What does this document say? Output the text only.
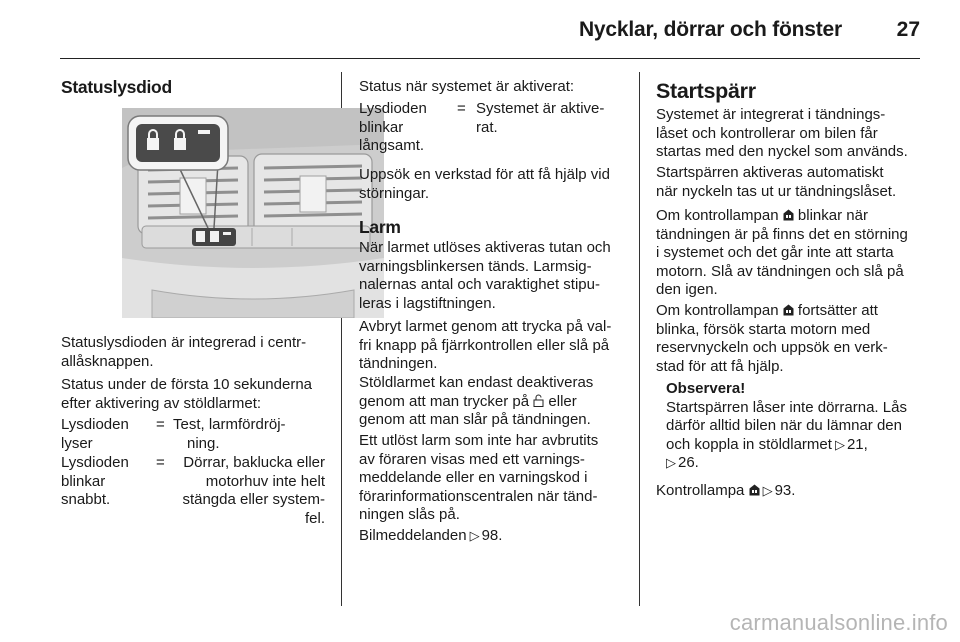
Nycklar, dörrar och fönster	27
Statuslysdiod
Statuslysdioden är integrerad i centr-
allåsknappen.
Status under de första 10 sekunderna
efter aktivering av stöldlarmet:
Lysdioden
lyser
= Test, larmfördröj-
ning.
Lysdioden
blinkar
snabbt.
=	Dörrar, baklucka eller
motorhuv inte helt
stängda eller system-
fel.
Status när systemet är aktiverat:
Lysdioden
blinkar
långsamt.
= Systemet är aktive-
rat.
Uppsök en verkstad för att få hjälp vid
störningar.
Larm
När larmet utlöses aktiveras tutan och
varningsblinkersen tänds. Larmsig-
nalernas antal och varaktighet stipu-
leras i lagstiftningen.
Avbryt larmet genom att trycka på val-
fri knapp på fjärrkontrollen eller slå på
tändningen.
Stöldlarmet kan endast deaktiveras
genom att man trycker på eller
genom att man slår på tändningen.
Ett utlöst larm som inte har avbrutits
av föraren visas med ett varnings-
meddelande eller en varningskod i
förarinformationscentralen när tänd-
ningen slås på.
Bilmeddelanden ▷ 98.
Startspärr
Systemet är integrerat i tändnings-
låset och kontrollerar om bilen får
startas med den nyckel som används.
Startspärren aktiveras automatiskt
när nyckeln tas ut ur tändningslåset.
Om kontrollampan blinkar när
tändningen är på finns det en störning
i systemet och det går inte att starta
motorn. Slå av tändningen och slå på
den igen.
Om kontrollampan fortsätter att
blinka, försök starta motorn med
reservnyckeln och uppsök en verk-
stad för att få hjälp.
Observera!
Startspärren låser inte dörrarna. Lås
därför alltid bilen när du lämnar den
och koppla in stöldlarmet ▷ 21,
▷ 26.
Kontrollampa ▷ 93.
carmanualsonline.info
